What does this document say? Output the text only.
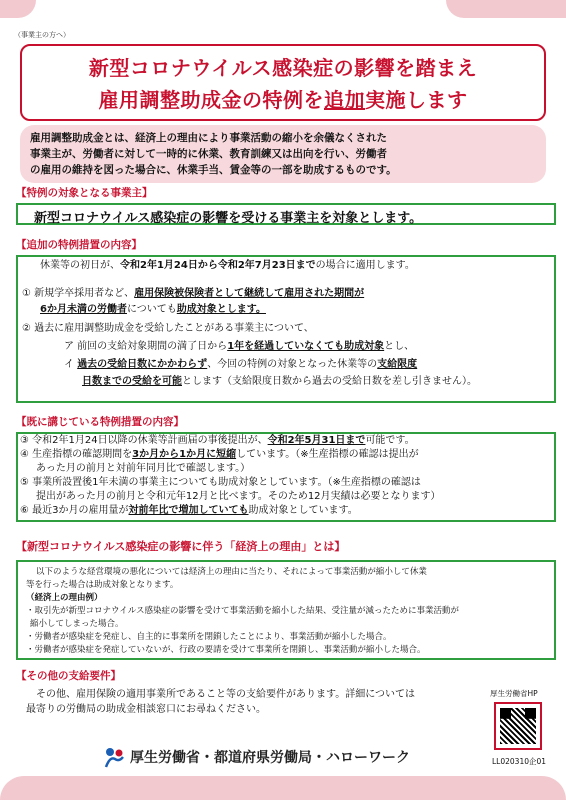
（事業主の方へ）
新型コロナウイルス感染症の影響を踏まえ
雇用調整助成金の特例を追加実施します
雇用調整助成金とは、経済上の理由により事業活動の縮小を余儀なくされた
事業主が、労働者に対して一時的に休業、教育訓練又は出向を行い、労働者
の雇用の維持を図った場合に、休業手当、賃金等の一部を助成するものです。
【特例の対象となる事業主】
新型コロナウイルス感染症の影響を受ける事業主を対象とします。
【追加の特例措置の内容】
休業等の初日が、令和2年1月24日から令和2年7月23日までの場合に適用します。
① 新規学卒採用者など、雇用保険被保険者として継続して雇用された期間が
6か月未満の労働者についても助成対象とします。
② 過去に雇用調整助成金を受給したことがある事業主について、
ア 前回の支給対象期間の満了日から1年を経過していなくても助成対象とし、
イ 過去の受給日数にかかわらず、今回の特例の対象となった休業等の支給限度
日数までの受給を可能とします（支給限度日数から過去の受給日数を差し引きません）。
【既に講じている特例措置の内容】
③ 令和2年1月24日以降の休業等計画届の事後提出が、令和2年5月31日まで可能です。
④ 生産指標の確認期間を3か月から1か月に短縮しています。（※生産指標の確認は提出が
あった月の前月と対前年同月比で確認します。）
⑤ 事業所設置後1年未満の事業主についても助成対象としています。（※生産指標の確認は
提出があった月の前月と令和元年12月と比べます。そのため12月実績は必要となります）
⑥ 最近3か月の雇用量が対前年比で増加していても助成対象としています。
【新型コロナウイルス感染症の影響に伴う「経済上の理由」とは】
以下のような経営環境の悪化については経済上の理由に当たり、それによって事業活動が縮小して休業
等を行った場合は助成対象となります。
（経済上の理由例）
・取引先が新型コロナウイルス感染症の影響を受けて事業活動を縮小した結果、受注量が減ったために事業活動が
縮小してしまった場合。
・労働者が感染症を発症し、自主的に事業所を閉鎖したことにより、事業活動が縮小した場合。
・労働者が感染症を発症していないが、行政の要請を受けて事業所を閉鎖し、事業活動が縮小した場合。
【その他の支給要件】
その他、雇用保険の適用事業所であること等の支給要件があります。詳細については
最寄りの労働局の助成金相談窓口にお尋ねください。
厚生労働省HP
LL020310企01
厚生労働省・都道府県労働局・ハローワーク
